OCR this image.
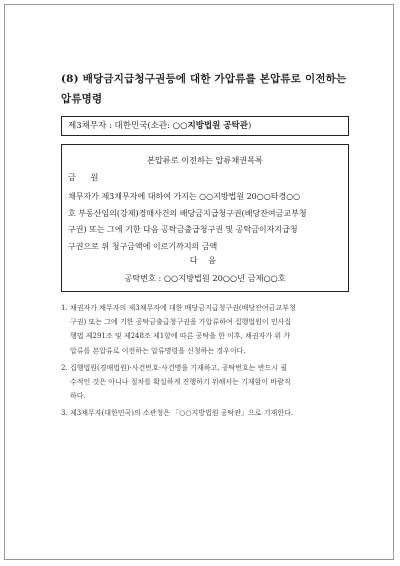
(8) 배당금지급청구권등에 대한 가압류를 본압류로 이전하는
압류명령
제3채무자 : 대한민국(소관: ○○지방법원 공탁관)
본압류로 이전하는 압류채권목록
금 원
채무자가 제3채무자에 대하여 가지는 ○○지방법원 20○○타경○○
호 부동산임의(강제)경매사건의 배당금지급청구권(배당잔여금교부청
구권) 또는 그에 기한 다음 공탁금출급청구권 및 공탁금이자지급청
구권으로 위 청구금액에 이르기까지의 금액
다 음
공탁번호 : ○○지방법원 20○○년 금제○○호
1. 채권자가 채무자의 제3채무자에 대한 배당금지급청구권(배당잔여금교부청
구권) 또는 그에 기한 공탁금출급청구권을 가압류하여 집행법원이 민사집
행법 제291조 및 제248조 제1항에 따른 공탁을 한 이후, 채권자가 위 가
압류를 본압류로 이전하는 압류명령을 신청하는 경우이다.
2. 집행법원(경매법원)·사건번호·사건명을 기재하고, 공탁번호는 반드시 필
수적인 것은 아니나 절차를 확실하게 진행하기 위해서는 기재함이 바람직
하다.
3. 제3채무자(대한민국)의 소관청은 「○○지방법원 공탁관」으로 기재한다.
